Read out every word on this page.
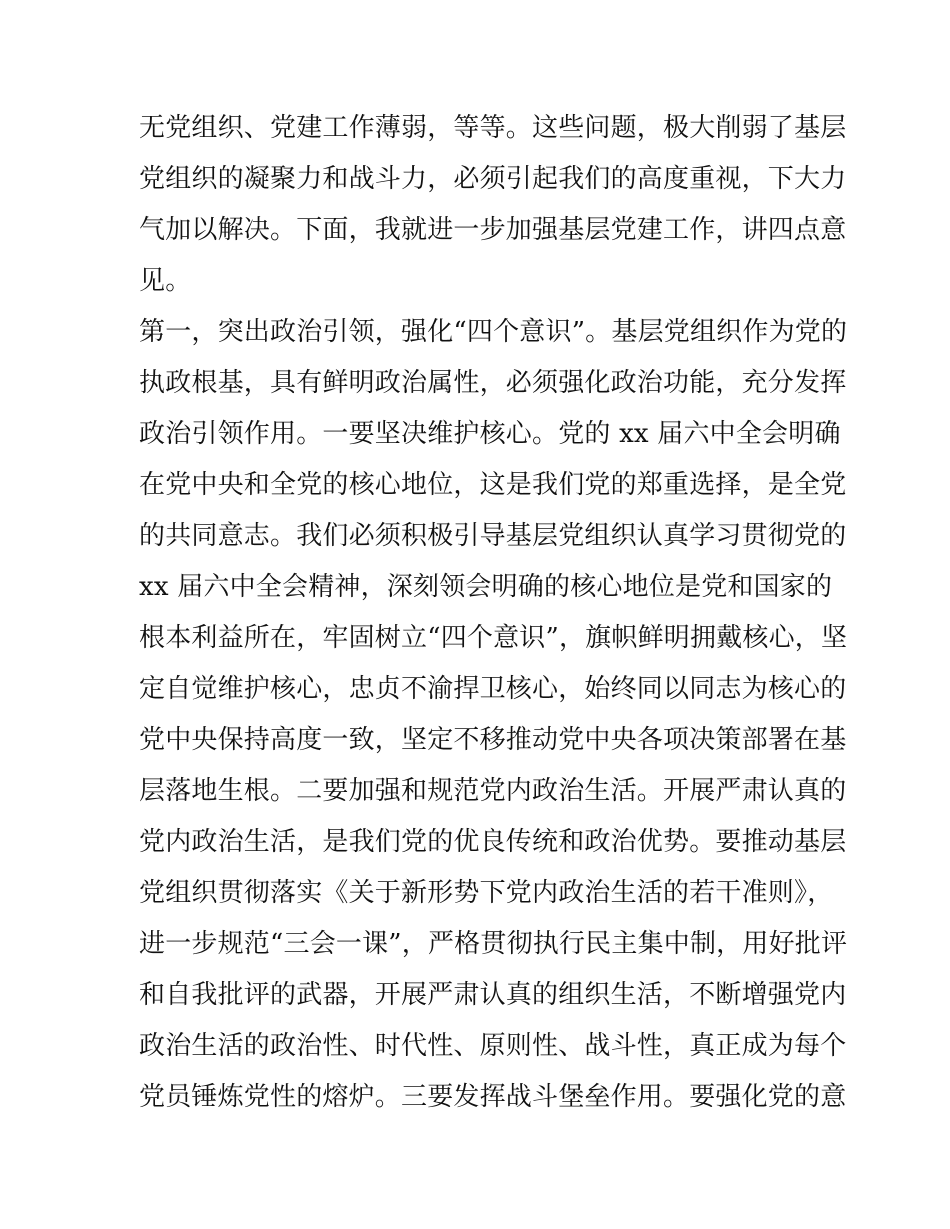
无党组织、党建工作薄弱，等等。这些问题，极大削弱了基层
党组织的凝聚力和战斗力，必须引起我们的高度重视，下大力
气加以解决。下面，我就进一步加强基层党建工作，讲四点意
见。
第一，突出政治引领，强化“四个意识”。基层党组织作为党的
执政根基，具有鲜明政治属性，必须强化政治功能，充分发挥
政治引领作用。一要坚决维护核心。党的 xx 届六中全会明确
在党中央和全党的核心地位，这是我们党的郑重选择，是全党
的共同意志。我们必须积极引导基层党组织认真学习贯彻党的
xx 届六中全会精神，深刻领会明确的核心地位是党和国家的
根本利益所在，牢固树立“四个意识”，旗帜鲜明拥戴核心，坚
定自觉维护核心，忠贞不渝捍卫核心，始终同以同志为核心的
党中央保持高度一致，坚定不移推动党中央各项决策部署在基
层落地生根。二要加强和规范党内政治生活。开展严肃认真的
党内政治生活，是我们党的优良传统和政治优势。要推动基层
党组织贯彻落实《关于新形势下党内政治生活的若干准则》，
进一步规范“三会一课”，严格贯彻执行民主集中制，用好批评
和自我批评的武器，开展严肃认真的组织生活，不断增强党内
政治生活的政治性、时代性、原则性、战斗性，真正成为每个
党员锤炼党性的熔炉。三要发挥战斗堡垒作用。要强化党的意
